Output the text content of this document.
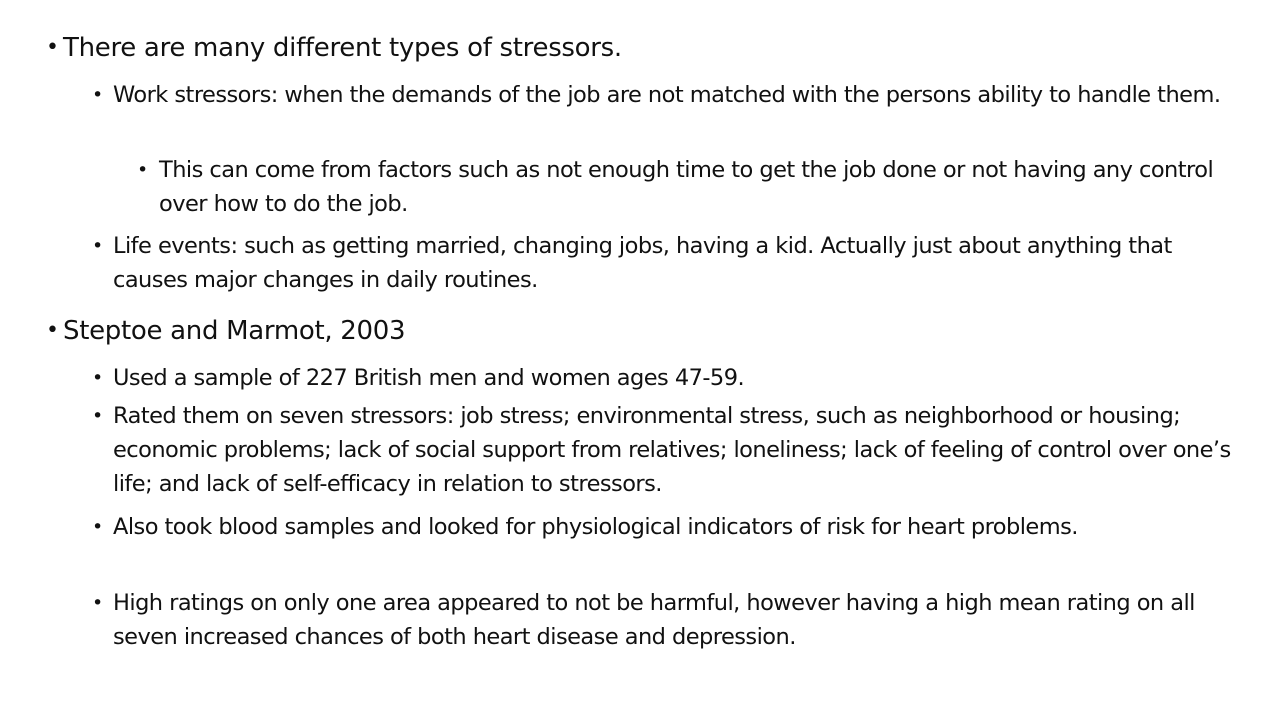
• There are many different types of stressors.
• Work stressors: when the demands of the job are not matched with the persons ability to handle them.
• This can come from factors such as not enough time to get the job done or not having any control over how to do the job.
• Life events: such as getting married, changing jobs, having a kid. Actually just about anything that causes major changes in daily routines.
• Steptoe and Marmot, 2003
• Used a sample of 227 British men and women ages 47-59.
• Rated them on seven stressors: job stress; environmental stress, such as neighborhood or housing; economic problems; lack of social support from relatives; loneliness; lack of feeling of control over one’s life; and lack of self-efficacy in relation to stressors.
• Also took blood samples and looked for physiological indicators of risk for heart problems.
• High ratings on only one area appeared to not be harmful, however having a high mean rating on all seven increased chances of both heart disease and depression.
